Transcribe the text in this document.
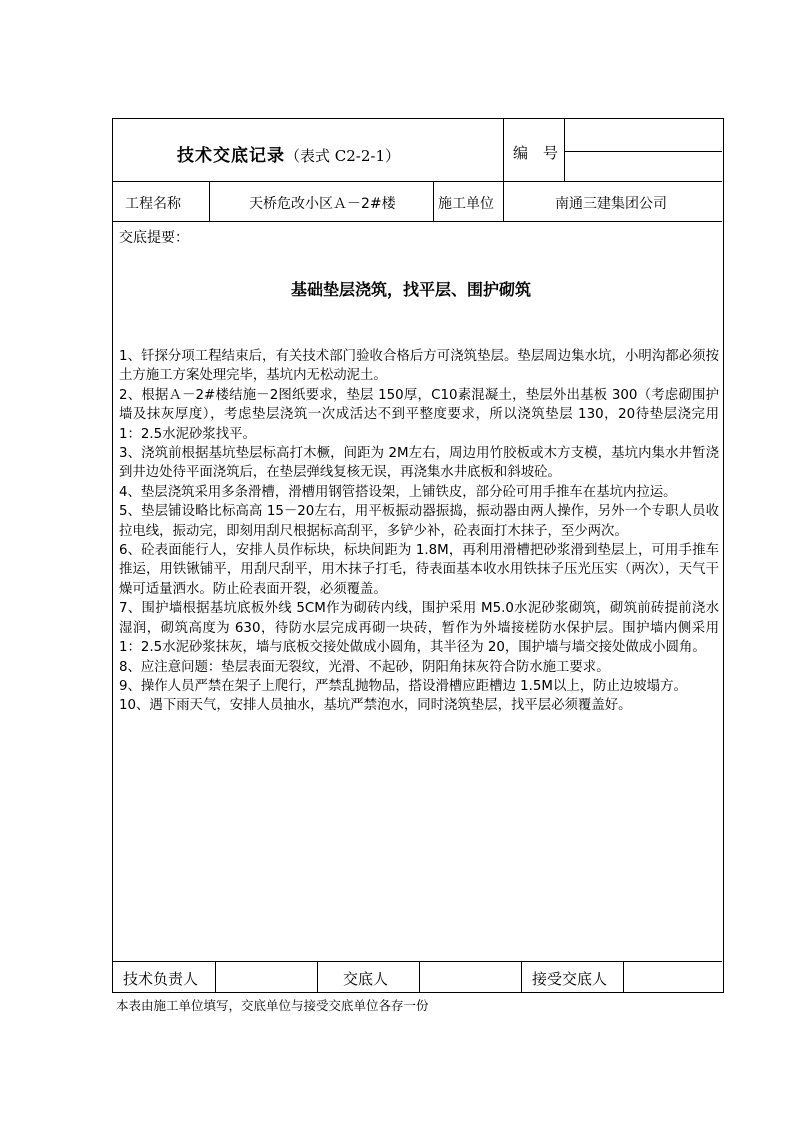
技术交底记录（表式 C2-2-1）	编　号
工程名称	天桥危改小区Ａ－2#楼	施工单位	南通三建集团公司
交底提要：
基础垫层浇筑，找平层、围护砌筑

1、钎探分项工程结束后，有关技术部门验收合格后方可浇筑垫层。垫层周边集水坑，小明沟都必须按土方施工方案处理完毕，基坑内无松动泥土。

2、根据Ａ－2#楼结施－2图纸要求，垫层 150厚，C10素混凝土，垫层外出基板 300（考虑砌围护墙及抹灰厚度），考虑垫层浇筑一次成活达不到平整度要求，所以浇筑垫层 130，20待垫层浇完用 1：2.5水泥砂浆找平。

3、浇筑前根据基坑垫层标高打木橛，间距为 2M左右，周边用竹胶板或木方支模，基坑内集水井暂浇到井边处待平面浇筑后，在垫层弹线复核无误，再浇集水井底板和斜坡砼。

4、垫层浇筑采用多条滑槽，滑槽用钢管搭设架，上铺铁皮，部分砼可用手推车在基坑内拉运。

5、垫层铺设略比标高高 15－20左右，用平板振动器振捣，振动器由两人操作，另外一个专职人员收拉电线，振动完，即刻用刮尺根据标高刮平，多铲少补，砼表面打木抹子，至少两次。

6、砼表面能行人，安排人员作标块，标块间距为 1.8M，再利用滑槽把砂浆滑到垫层上，可用手推车推运，用铁锹铺平，用刮尺刮平，用木抹子打毛，待表面基本收水用铁抹子压光压实（两次），天气干燥可适量洒水。防止砼表面开裂，必须覆盖。

7、围护墙根据基坑底板外线 5CM作为砌砖内线，围护采用 M5.0水泥砂浆砌筑，砌筑前砖提前浇水湿润，砌筑高度为 630，待防水层完成再砌一块砖，暂作为外墙接槎防水保护层。围护墙内侧采用 1：2.5水泥砂浆抹灰，墙与底板交接处做成小圆角，其半径为 20，围护墙与墙交接处做成小圆角。

8、应注意问题：垫层表面无裂纹，光滑、不起砂，阴阳角抹灰符合防水施工要求。

9、操作人员严禁在架子上爬行，严禁乱抛物品，搭设滑槽应距槽边 1.5M以上，防止边坡塌方。

10、遇下雨天气，安排人员抽水，基坑严禁泡水，同时浇筑垫层，找平层必须覆盖好。

技术负责人	交底人	接受交底人
本表由施工单位填写，交底单位与接受交底单位各存一份
